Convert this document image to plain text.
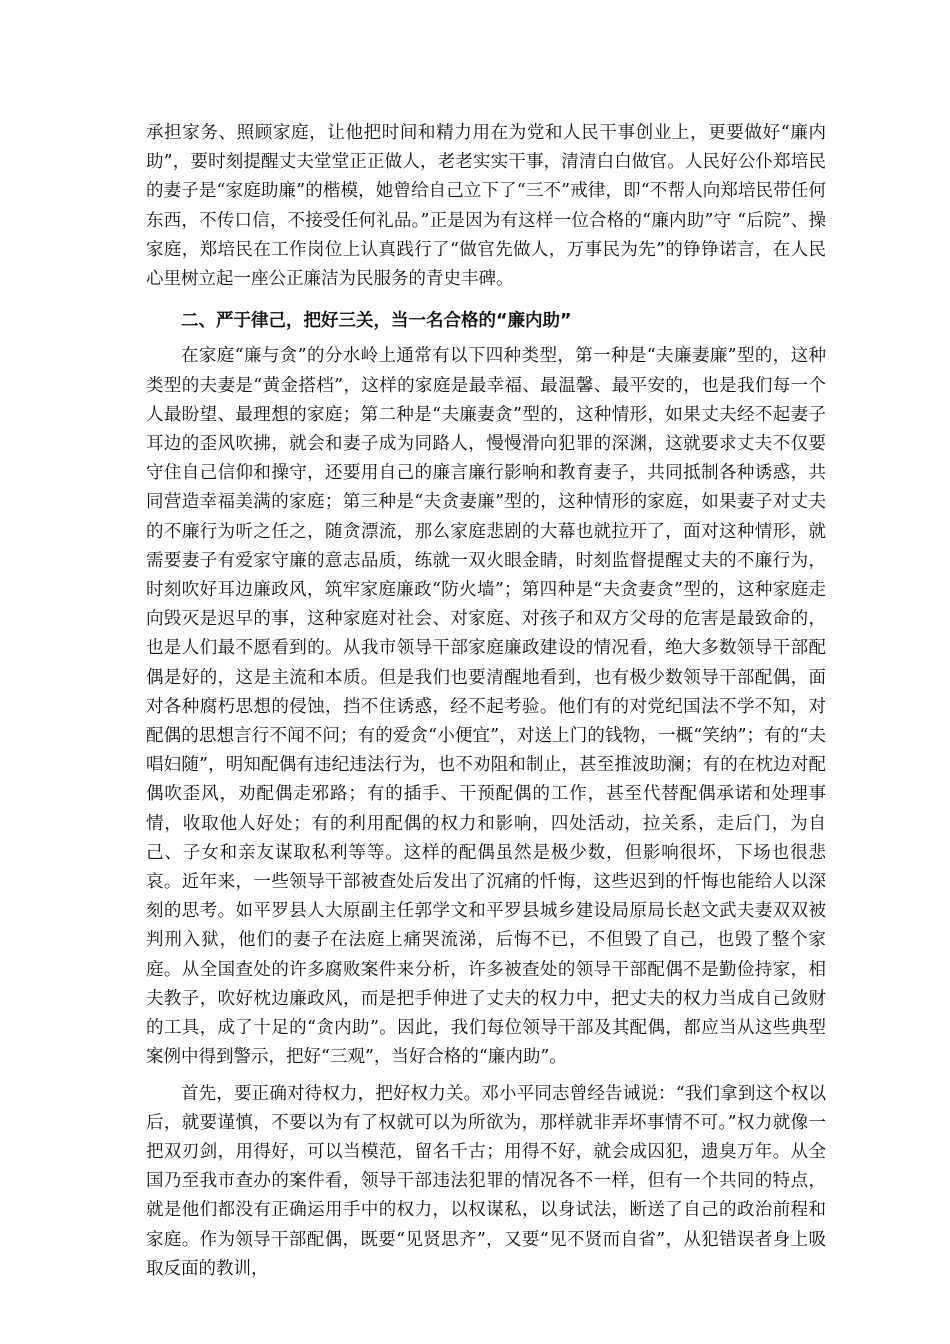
承担家务、照顾家庭，让他把时间和精力用在为党和人民干事创业上，更要做好“廉内助”，要时刻提醒丈夫堂堂正正做人，老老实实干事，清清白白做官。人民好公仆郑培民的妻子是“家庭助廉”的楷模，她曾给自己立下了“三不”戒律，即“不帮人向郑培民带任何东西，不传口信，不接受任何礼品。”正是因为有这样一位合格的“廉内助”守 “后院”、操家庭，郑培民在工作岗位上认真践行了“做官先做人，万事民为先”的铮铮诺言，在人民心里树立起一座公正廉洁为民服务的青史丰碑。

二、严于律己，把好三关，当一名合格的“廉内助”

在家庭“廉与贪”的分水岭上通常有以下四种类型，第一种是“夫廉妻廉”型的，这种类型的夫妻是“黄金搭档”，这样的家庭是最幸福、最温馨、最平安的，也是我们每一个人最盼望、最理想的家庭；第二种是“夫廉妻贪”型的，这种情形，如果丈夫经不起妻子耳边的歪风吹拂，就会和妻子成为同路人，慢慢滑向犯罪的深渊，这就要求丈夫不仅要守住自己信仰和操守，还要用自己的廉言廉行影响和教育妻子，共同抵制各种诱惑，共同营造幸福美满的家庭；第三种是“夫贪妻廉”型的，这种情形的家庭，如果妻子对丈夫的不廉行为听之任之，随贪漂流，那么家庭悲剧的大幕也就拉开了，面对这种情形，就需要妻子有爱家守廉的意志品质，练就一双火眼金睛，时刻监督提醒丈夫的不廉行为，时刻吹好耳边廉政风，筑牢家庭廉政“防火墙”；第四种是“夫贪妻贪”型的，这种家庭走向毁灭是迟早的事，这种家庭对社会、对家庭、对孩子和双方父母的危害是最致命的，也是人们最不愿看到的。从我市领导干部家庭廉政建设的情况看，绝大多数领导干部配偶是好的，这是主流和本质。但是我们也要清醒地看到，也有极少数领导干部配偶，面对各种腐朽思想的侵蚀，挡不住诱惑，经不起考验。他们有的对党纪国法不学不知，对配偶的思想言行不闻不问；有的爱贪“小便宜”，对送上门的钱物，一概“笑纳”；有的“夫唱妇随”，明知配偶有违纪违法行为，也不劝阻和制止，甚至推波助澜；有的在枕边对配偶吹歪风，劝配偶走邪路；有的插手、干预配偶的工作，甚至代替配偶承诺和处理事情，收取他人好处；有的利用配偶的权力和影响，四处活动，拉关系，走后门，为自己、子女和亲友谋取私利等等。这样的配偶虽然是极少数，但影响很坏，下场也很悲哀。近年来，一些领导干部被查处后发出了沉痛的忏悔，这些迟到的忏悔也能给人以深刻的思考。如平罗县人大原副主任郭学文和平罗县城乡建设局原局长赵文武夫妻双双被判刑入狱，他们的妻子在法庭上痛哭流涕，后悔不已，不但毁了自己，也毁了整个家庭。从全国查处的许多腐败案件来分析，许多被查处的领导干部配偶不是勤俭持家，相夫教子，吹好枕边廉政风，而是把手伸进了丈夫的权力中，把丈夫的权力当成自己敛财的工具，成了十足的“贪内助”。因此，我们每位领导干部及其配偶，都应当从这些典型案例中得到警示，把好“三观”，当好合格的“廉内助”。

首先，要正确对待权力，把好权力关。邓小平同志曾经告诫说：“我们拿到这个权以后，就要谨慎，不要以为有了权就可以为所欲为，那样就非弄坏事情不可。”权力就像一把双刃剑，用得好，可以当模范，留名千古；用得不好，就会成囚犯，遗臭万年。从全国乃至我市查办的案件看，领导干部违法犯罪的情况各不一样，但有一个共同的特点，就是他们都没有正确运用手中的权力，以权谋私，以身试法，断送了自己的政治前程和家庭。作为领导干部配偶，既要“见贤思齐”，又要“见不贤而自省”，从犯错误者身上吸取反面的教训，
